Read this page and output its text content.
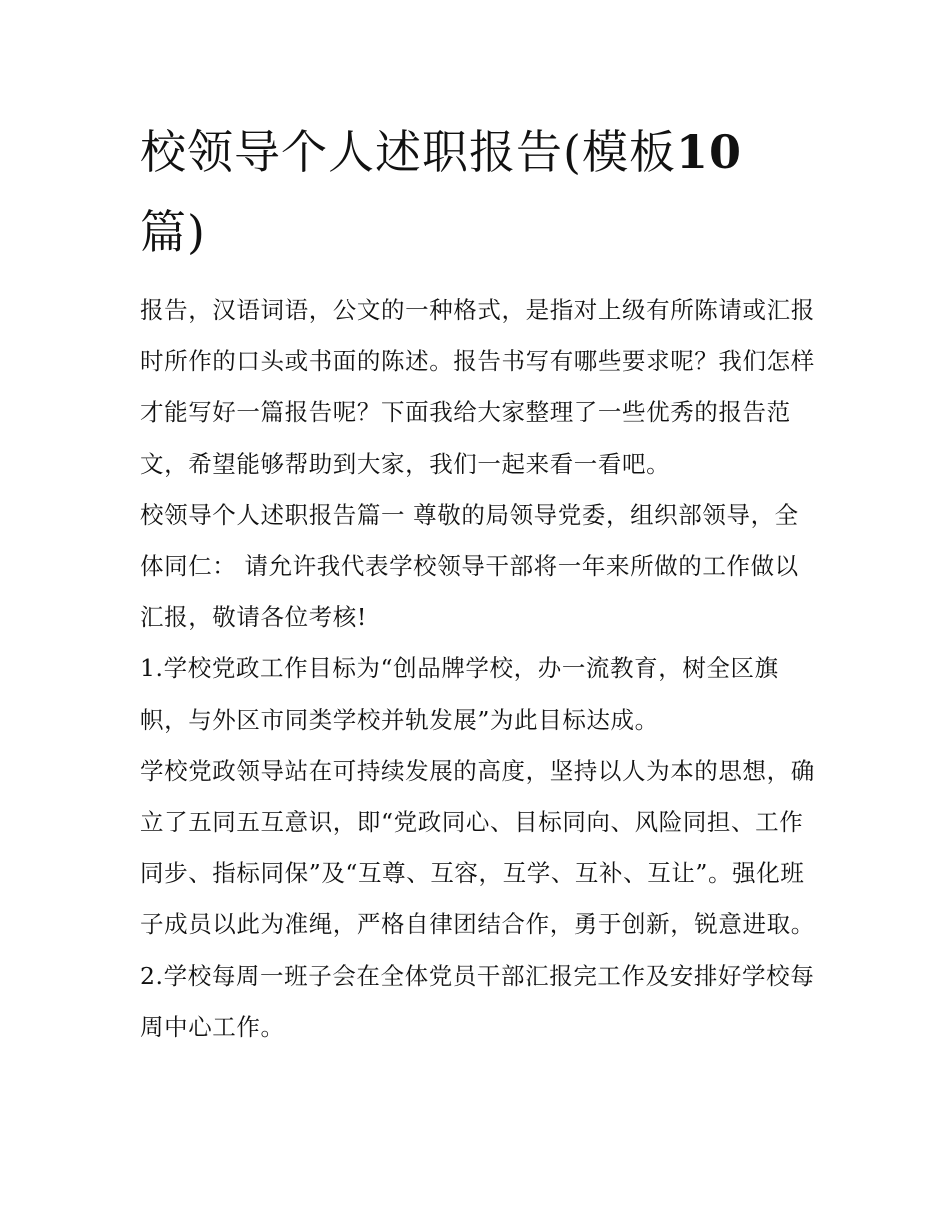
校领导个人述职报告(模板10
篇)

报告，汉语词语，公文的一种格式，是指对上级有所陈请或汇报时所作的口头或书面的陈述。报告书写有哪些要求呢？我们怎样才能写好一篇报告呢？下面我给大家整理了一些优秀的报告范文，希望能够帮助到大家，我们一起来看一看吧。

校领导个人述职报告篇一 尊敬的局领导党委，组织部领导，全体同仁： 请允许我代表学校领导干部将一年来所做的工作做以汇报，敬请各位考核!

1.学校党政工作目标为“创品牌学校，办一流教育，树全区旗帜，与外区市同类学校并轨发展”为此目标达成。

学校党政领导站在可持续发展的高度，坚持以人为本的思想，确立了五同五互意识，即“党政同心、目标同向、风险同担、工作同步、指标同保”及“互尊、互容，互学、互补、互让”。强化班子成员以此为准绳，严格自律团结合作，勇于创新，锐意进取。

2.学校每周一班子会在全体党员干部汇报完工作及安排好学校每周中心工作。
